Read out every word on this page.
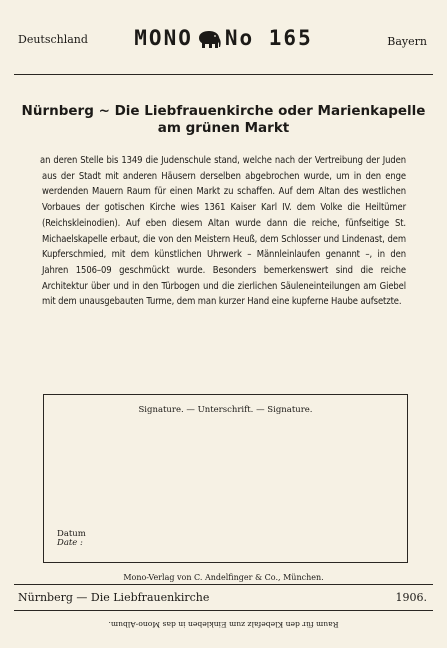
Deutschland	MONO No 165	Bayern
Nürnberg ~ Die Liebfrauenkirche oder Marienkapelle
am grünen Markt
an deren Stelle bis 1349 die Judenschule stand, welche nach der Vertreibung der Juden aus der Stadt mit anderen Häusern derselben abgebrochen wurde, um in den enge werdenden Mauern Raum für einen Markt zu schaffen. Auf dem Altan des westlichen Vorbaues der gotischen Kirche wies 1361 Kaiser Karl IV. dem Volke die Heiltümer (Reichskleinodien). Auf eben diesem Altan wurde dann die reiche, fünfseitige St. Michaelskapelle erbaut, die von den Meistern Heuß, dem Schlosser und Lindenast, dem Kupferschmied, mit dem künstlichen Uhrwerk – Männleinlaufen genannt –, in den Jahren 1506–09 geschmückt wurde. Besonders bemerkenswert sind die reiche Architektur über und in den Türbogen und die zierlichen Säuleneinteilungen am Giebel mit dem unausgebauten Turme, dem man kurzer Hand eine kupferne Haube aufsetzte.
Signature. — Unterschrift. — Signature.
Datum
Date :
Mono-Verlag von C. Andelfinger & Co., München.
Nürnberg — Die Liebfrauenkirche	1906.
Raum für den Klebefalz zum Einkleben in das Mono-Album.
